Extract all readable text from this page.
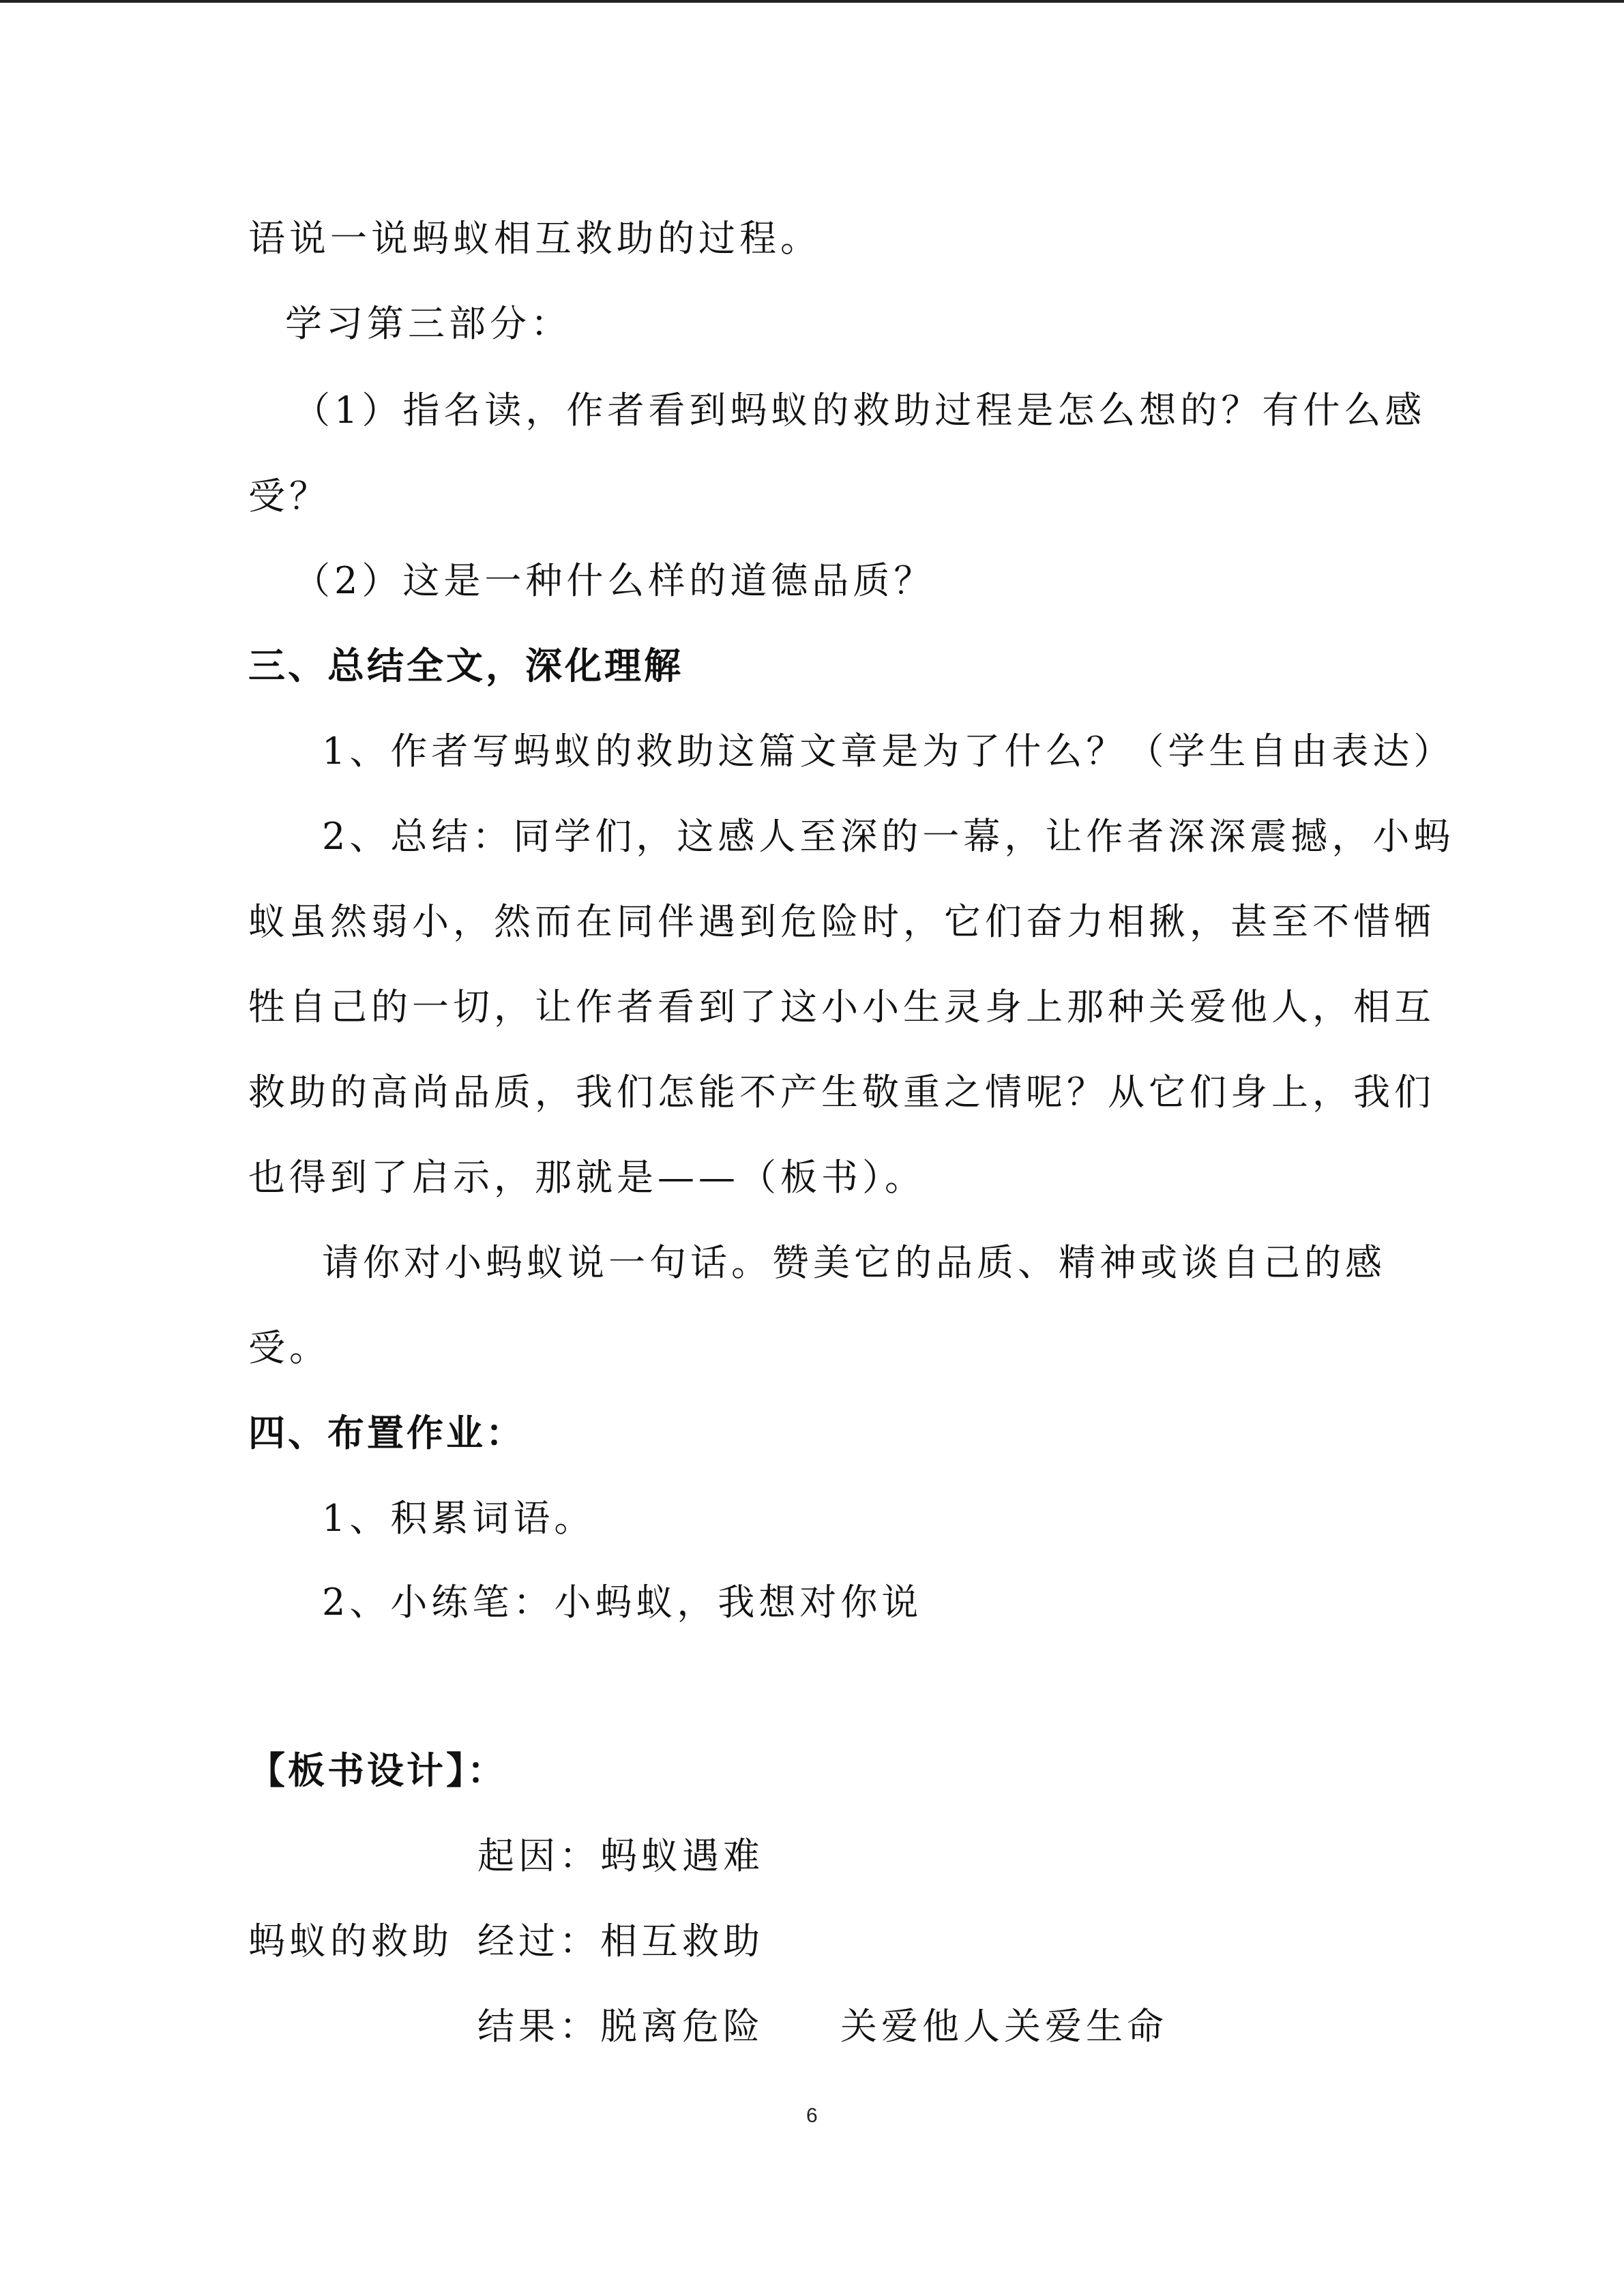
语说一说蚂蚁相互救助的过程。
学习第三部分：
（1）指名读，作者看到蚂蚁的救助过程是怎么想的？有什么感
受？
（2）这是一种什么样的道德品质？
三、总结全文，深化理解
1、作者写蚂蚁的救助这篇文章是为了什么？（学生自由表达）
2、总结：同学们，这感人至深的一幕，让作者深深震撼，小蚂
蚁虽然弱小，然而在同伴遇到危险时，它们奋力相揪，甚至不惜牺
牲自己的一切，让作者看到了这小小生灵身上那种关爱他人，相互
救助的高尚品质，我们怎能不产生敬重之情呢？从它们身上，我们
也得到了启示，那就是——（板书）。
请你对小蚂蚁说一句话。赞美它的品质、精神或谈自己的感
受。
四、布置作业：
1、积累词语。
2、小练笔：小蚂蚁，我想对你说
【板书设计】：
起因：蚂蚁遇难
蚂蚁的救助 经过：相互救助
结果：脱离危险 关爱他人关爱生命
6
